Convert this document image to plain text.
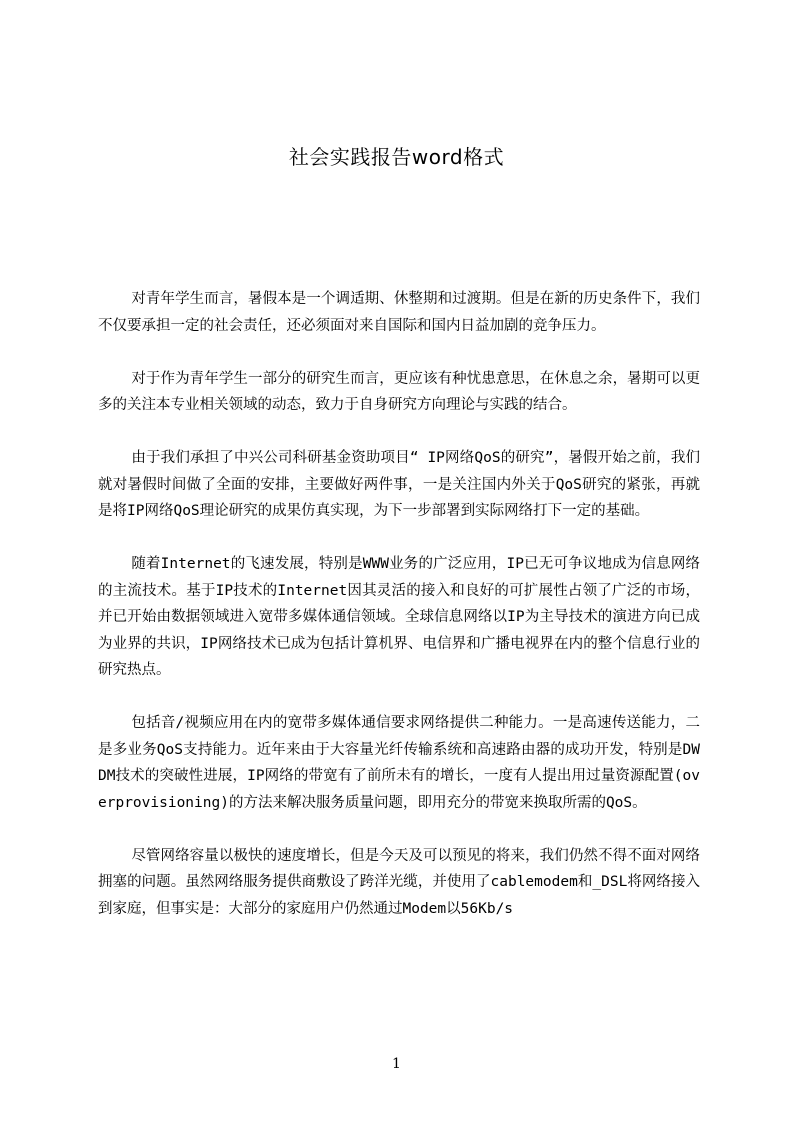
社会实践报告word格式

对青年学生而言，暑假本是一个调适期、休整期和过渡期。但是在新的历史条件下，我们不仅要承担一定的社会责任，还必须面对来自国际和国内日益加剧的竞争压力。

对于作为青年学生一部分的研究生而言，更应该有种忧患意思，在休息之余，暑期可以更多的关注本专业相关领域的动态，致力于自身研究方向理论与实践的结合。

由于我们承担了中兴公司科研基金资助项目“ IP网络QoS的研究”，暑假开始之前，我们就对暑假时间做了全面的安排，主要做好两件事，一是关注国内外关于QoS研究的紧张，再就是将IP网络QoS理论研究的成果仿真实现，为下一步部署到实际网络打下一定的基础。

随着Internet的飞速发展，特别是WWW业务的广泛应用，IP已无可争议地成为信息网络的主流技术。基于IP技术的Internet因其灵活的接入和良好的可扩展性占领了广泛的市场，并已开始由数据领域进入宽带多媒体通信领域。全球信息网络以IP为主导技术的演进方向已成为业界的共识，IP网络技术已成为包括计算机界、电信界和广播电视界在内的整个信息行业的研究热点。

包括音/视频应用在内的宽带多媒体通信要求网络提供二种能力。一是高速传送能力，二是多业务QoS支持能力。近年来由于大容量光纤传输系统和高速路由器的成功开发，特别是DWDM技术的突破性进展，IP网络的带宽有了前所未有的增长，一度有人提出用过量资源配置(overprovisioning)的方法来解决服务质量问题，即用充分的带宽来换取所需的QoS。

尽管网络容量以极快的速度增长，但是今天及可以预见的将来，我们仍然不得不面对网络拥塞的问题。虽然网络服务提供商敷设了跨洋光缆，并使用了cablemodem和_DSL将网络接入到家庭，但事实是：大部分的家庭用户仍然通过Modem以56Kb/s

1
